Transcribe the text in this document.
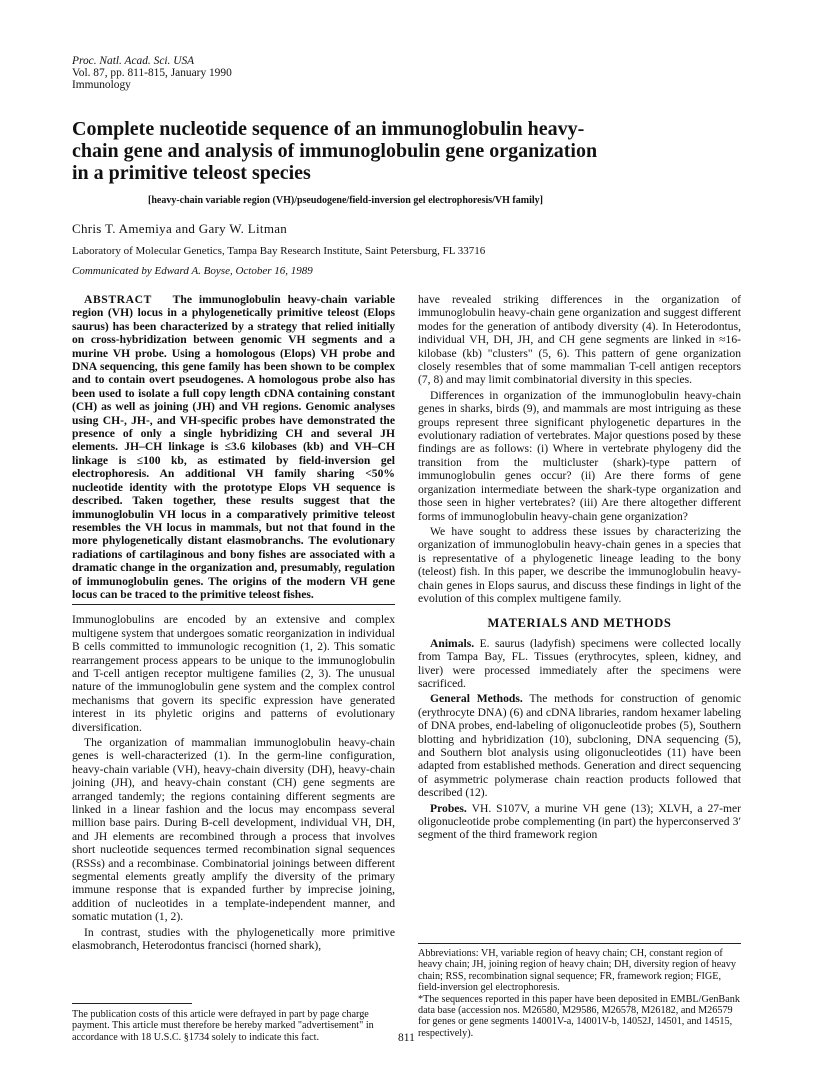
Proc. Natl. Acad. Sci. USA
Vol. 87, pp. 811-815, January 1990
Immunology
Complete nucleotide sequence of an immunoglobulin heavy-chain gene and analysis of immunoglobulin gene organization in a primitive teleost species
[heavy-chain variable region (VH)/pseudogene/field-inversion gel electrophoresis/VH family]
Chris T. Amemiya and Gary W. Litman
Laboratory of Molecular Genetics, Tampa Bay Research Institute, Saint Petersburg, FL 33716
Communicated by Edward A. Boyse, October 16, 1989

ABSTRACT The immunoglobulin heavy-chain variable region (VH) locus in a phylogenetically primitive teleost (Elops saurus) has been characterized by a strategy that relied initially on cross-hybridization between genomic VH segments and a murine VH probe. Using a homologous (Elops) VH probe and DNA sequencing, this gene family has been shown to be complex and to contain overt pseudogenes. A homologous probe also has been used to isolate a full copy length cDNA containing constant (CH) as well as joining (JH) and VH regions. Genomic analyses using CH-, JH-, and VH-specific probes have demonstrated the presence of only a single hybridizing CH and several JH elements. JH–CH linkage is ≤3.6 kilobases (kb) and VH–CH linkage is ≤100 kb, as estimated by field-inversion gel electrophoresis. An additional VH family sharing <50% nucleotide identity with the prototype Elops VH sequence is described. Taken together, these results suggest that the immunoglobulin VH locus in a comparatively primitive teleost resembles the VH locus in mammals, but not that found in the more phylogenetically distant elasmobranchs. The evolutionary radiations of cartilaginous and bony fishes are associated with a dramatic change in the organization and, presumably, regulation of immunoglobulin genes. The origins of the modern VH gene locus can be traced to the primitive teleost fishes.

Immunoglobulins are encoded by an extensive and complex multigene system that undergoes somatic reorganization in individual B cells committed to immunologic recognition (1, 2). This somatic rearrangement process appears to be unique to the immunoglobulin and T-cell antigen receptor multigene families (2, 3). The unusual nature of the immunoglobulin gene system and the complex control mechanisms that govern its specific expression have generated interest in its phyletic origins and patterns of evolutionary diversification.

The organization of mammalian immunoglobulin heavy-chain genes is well-characterized (1). In the germ-line configuration, heavy-chain variable (VH), heavy-chain diversity (DH), heavy-chain joining (JH), and heavy-chain constant (CH) gene segments are arranged tandemly; the regions containing different segments are linked in a linear fashion and the locus may encompass several million base pairs. During B-cell development, individual VH, DH, and JH elements are recombined through a process that involves short nucleotide sequences termed recombination signal sequences (RSSs) and a recombinase. Combinatorial joinings between different segmental elements greatly amplify the diversity of the primary immune response that is expanded further by imprecise joining, addition of nucleotides in a template-independent manner, and somatic mutation (1, 2).

In contrast, studies with the phylogenetically more primitive elasmobranch, Heterodontus francisci (horned shark),

The publication costs of this article were defrayed in part by page charge payment. This article must therefore be hereby marked "advertisement" in accordance with 18 U.S.C. §1734 solely to indicate this fact.

have revealed striking differences in the organization of immunoglobulin heavy-chain gene organization and suggest different modes for the generation of antibody diversity (4). In Heterodontus, individual VH, DH, JH, and CH gene segments are linked in ≈16-kilobase (kb) "clusters" (5, 6). This pattern of gene organization closely resembles that of some mammalian T-cell antigen receptors (7, 8) and may limit combinatorial diversity in this species.

Differences in organization of the immunoglobulin heavy-chain genes in sharks, birds (9), and mammals are most intriguing as these groups represent three significant phylogenetic departures in the evolutionary radiation of vertebrates. Major questions posed by these findings are as follows: (i) Where in vertebrate phylogeny did the transition from the multicluster (shark)-type pattern of immunoglobulin genes occur? (ii) Are there forms of gene organization intermediate between the shark-type organization and those seen in higher vertebrates? (iii) Are there altogether different forms of immunoglobulin heavy-chain gene organization?

We have sought to address these issues by characterizing the organization of immunoglobulin heavy-chain genes in a species that is representative of a phylogenetic lineage leading to the bony (teleost) fish. In this paper, we describe the immunoglobulin heavy-chain genes in Elops saurus, and discuss these findings in light of the evolution of this complex multigene family.

MATERIALS AND METHODS

Animals. E. saurus (ladyfish) specimens were collected locally from Tampa Bay, FL. Tissues (erythrocytes, spleen, kidney, and liver) were processed immediately after the specimens were sacrificed.

General Methods. The methods for construction of genomic (erythrocyte DNA) (6) and cDNA libraries, random hexamer labeling of DNA probes, end-labeling of oligonucleotide probes (5), Southern blotting and hybridization (10), subcloning, DNA sequencing (5), and Southern blot analysis using oligonucleotides (11) have been adapted from established methods. Generation and direct sequencing of asymmetric polymerase chain reaction products followed that described (12).

Probes. VH. S107V, a murine VH gene (13); XLVH, a 27-mer oligonucleotide probe complementing (in part) the hyperconserved 3′ segment of the third framework region

Abbreviations: VH, variable region of heavy chain; CH, constant region of heavy chain; JH, joining region of heavy chain; DH, diversity region of heavy chain; RSS, recombination signal sequence; FR, framework region; FIGE, field-inversion gel electrophoresis.
*The sequences reported in this paper have been deposited in EMBL/GenBank data base (accession nos. M26580, M29586, M26578, M26182, and M26579 for genes or gene segments 14001V-a, 14001V-b, 14052J, 14501, and 14515, respectively).
811
